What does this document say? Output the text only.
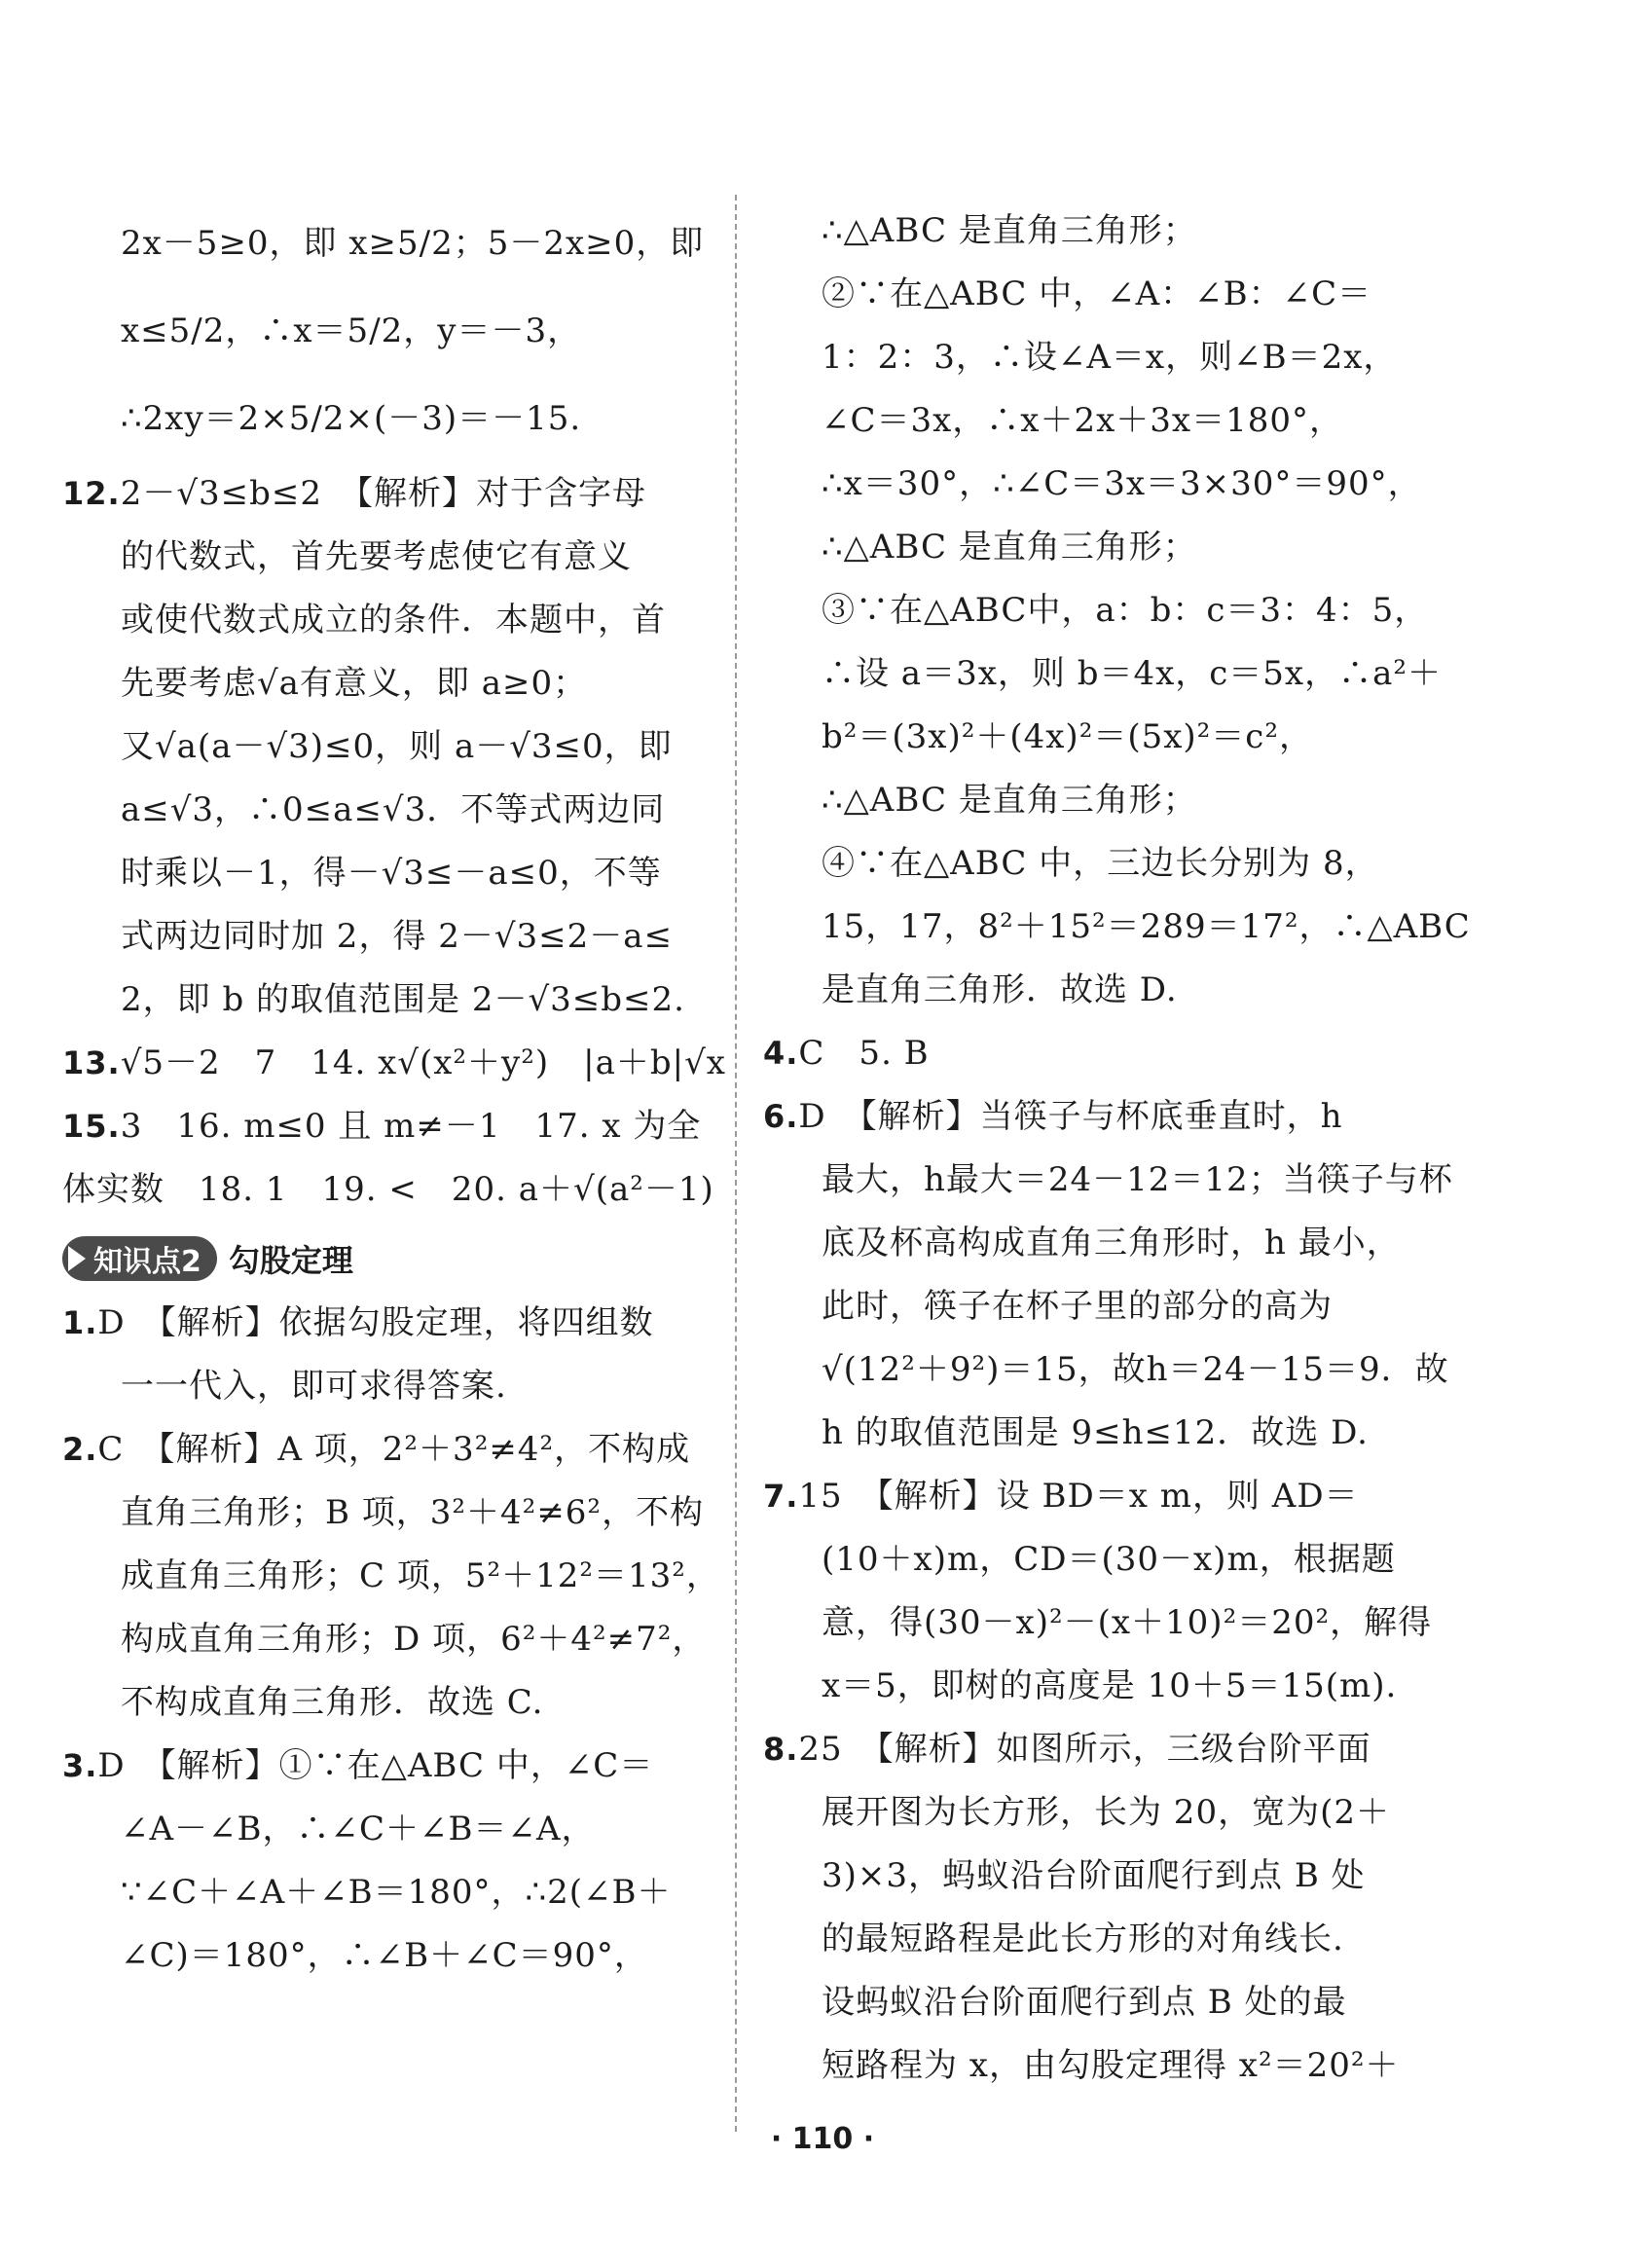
2x－5≥0，即 x≥5/2；5－2x≥0，即
x≤5/2，∴x＝5/2，y＝－3，
∴2xy＝2×5/2×(－3)＝－15.
12.2－√3≤b≤2　【解析】对于含字母
的代数式，首先要考虑使它有意义
或使代数式成立的条件．本题中，首
先要考虑√a有意义，即 a≥0；
又√a(a－√3)≤0，则 a－√3≤0，即
a≤√3，∴0≤a≤√3．不等式两边同
时乘以－1，得－√3≤－a≤0，不等
式两边同时加 2，得 2－√3≤2－a≤
2，即 b 的取值范围是 2－√3≤b≤2.
13.√5－2　7　14. x√(x²＋y²)　|a＋b|√x
15.3　16. m≤0 且 m≠－1　17. x 为全
体实数　18. 1　19. <　20. a＋√(a²－1)
知识点2 勾股定理
1.D　【解析】依据勾股定理，将四组数
一一代入，即可求得答案.
2.C　【解析】A 项，2²＋3²≠4²，不构成
直角三角形；B 项，3²＋4²≠6²，不构
成直角三角形；C 项，5²＋12²＝13²，
构成直角三角形；D 项，6²＋4²≠7²，
不构成直角三角形．故选 C.
3.D　【解析】①∵在△ABC 中，∠C＝
∠A－∠B，∴∠C＋∠B＝∠A，
∵∠C＋∠A＋∠B＝180°，∴2(∠B＋
∠C)＝180°，∴∠B＋∠C＝90°，
∴△ABC 是直角三角形；
②∵在△ABC 中，∠A：∠B：∠C＝
1：2：3，∴设∠A＝x，则∠B＝2x，
∠C＝3x，∴x＋2x＋3x＝180°，
∴x＝30°，∴∠C＝3x＝3×30°＝90°，
∴△ABC 是直角三角形；
③∵在△ABC中，a：b：c＝3：4：5，
∴设 a＝3x，则 b＝4x，c＝5x，∴a²＋
b²＝(3x)²＋(4x)²＝(5x)²＝c²，
∴△ABC 是直角三角形；
④∵在△ABC 中，三边长分别为 8，
15，17，8²＋15²＝289＝17²，∴△ABC
是直角三角形．故选 D.
4.C　5. B
6.D　【解析】当筷子与杯底垂直时，h
最大，h最大＝24－12＝12；当筷子与杯
底及杯高构成直角三角形时，h 最小，
此时，筷子在杯子里的部分的高为
√(12²＋9²)＝15，故h＝24－15＝9．故
h 的取值范围是 9≤h≤12．故选 D.
7.15　【解析】设 BD＝x m，则 AD＝
(10＋x)m，CD＝(30－x)m，根据题
意，得(30－x)²－(x＋10)²＝20²，解得
x＝5，即树的高度是 10＋5＝15(m).
8.25　【解析】如图所示，三级台阶平面
展开图为长方形，长为 20，宽为(2＋
3)×3，蚂蚁沿台阶面爬行到点 B 处
的最短路程是此长方形的对角线长.
设蚂蚁沿台阶面爬行到点 B 处的最
短路程为 x，由勾股定理得 x²＝20²＋
· 110 ·
